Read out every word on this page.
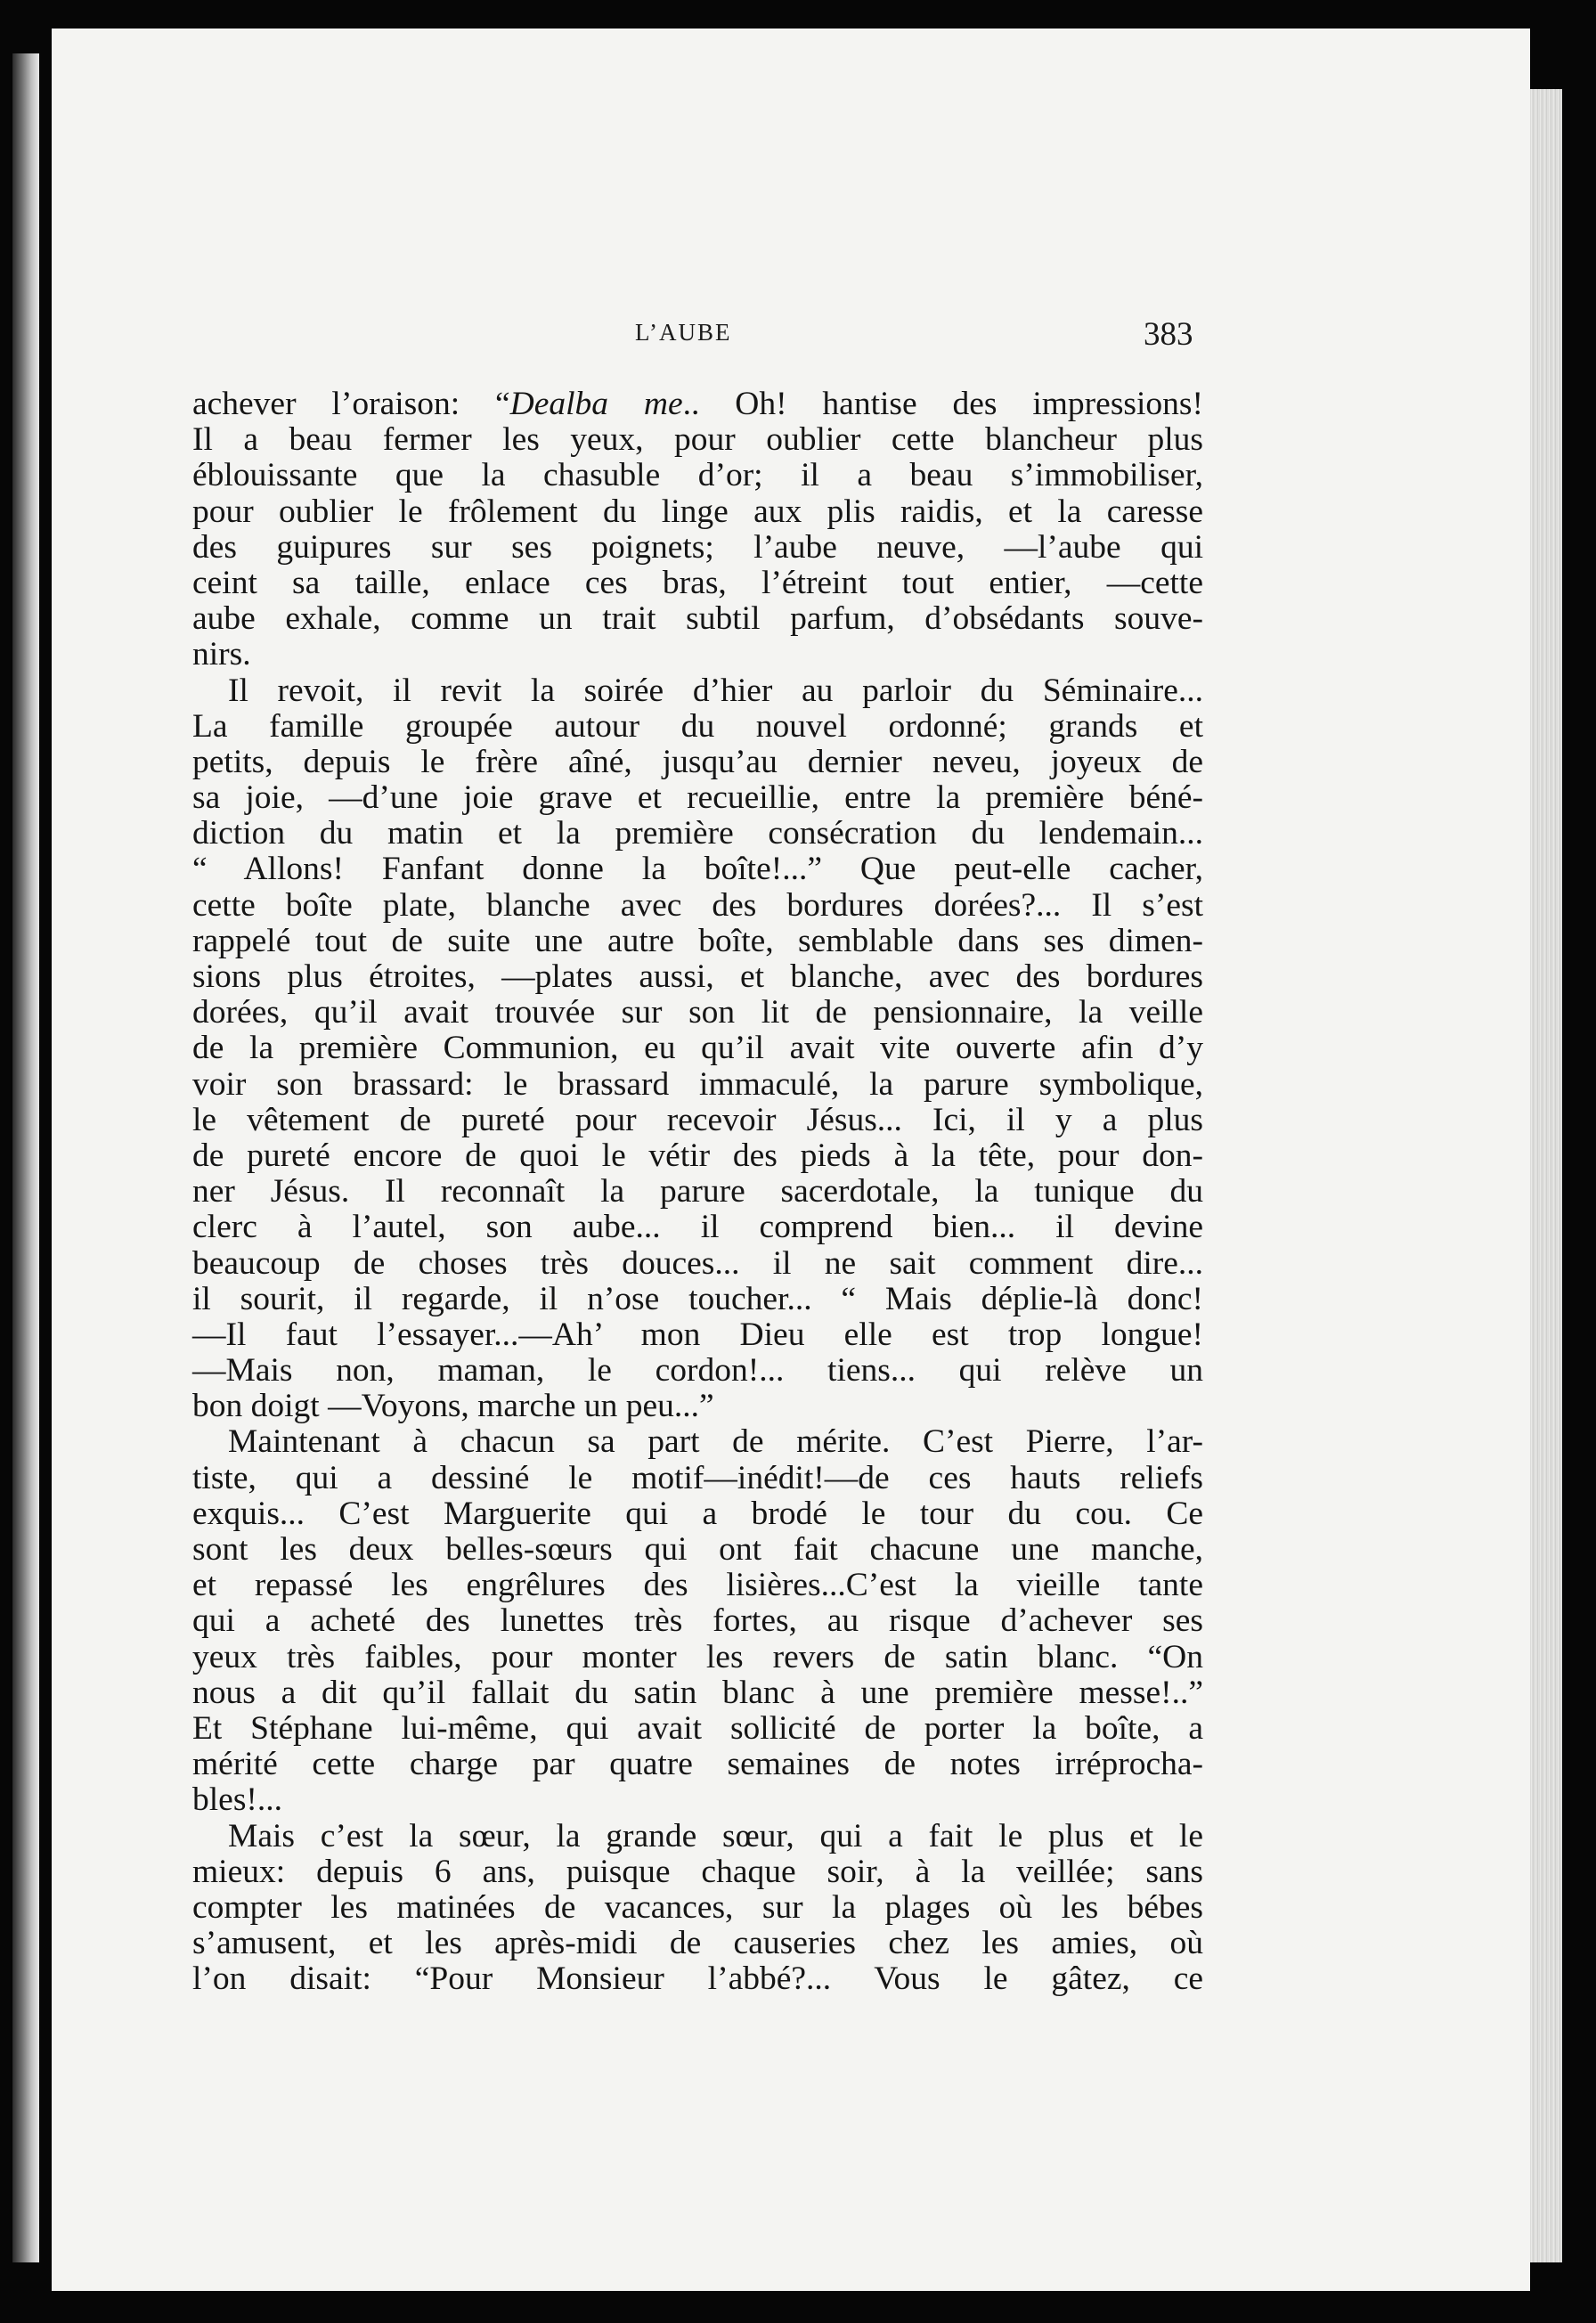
L’AUBE	383
achever l’oraison: “Dealba me.. Oh! hantise des impressions!
Il a beau fermer les yeux, pour oublier cette blancheur plus
éblouissante que la chasuble d’or; il a beau s’immobiliser,
pour oublier le frôlement du linge aux plis raidis, et la caresse
des guipures sur ses poignets; l’aube neuve, —l’aube qui
ceint sa taille, enlace ces bras, l’étreint tout entier, —cette
aube exhale, comme un trait subtil parfum, d’obsédants souve-
nirs.
Il revoit, il revit la soirée d’hier au parloir du Séminaire...
La famille groupée autour du nouvel ordonné; grands et
petits, depuis le frère aîné, jusqu’au dernier neveu, joyeux de
sa joie, —d’une joie grave et recueillie, entre la première béné-
diction du matin et la première consécration du lendemain...
“ Allons! Fanfant donne la boîte!...” Que peut-elle cacher,
cette boîte plate, blanche avec des bordures dorées?... Il s’est
rappelé tout de suite une autre boîte, semblable dans ses dimen-
sions plus étroites, —plates aussi, et blanche, avec des bordures
dorées, qu’il avait trouvée sur son lit de pensionnaire, la veille
de la première Communion, eu qu’il avait vite ouverte afin d’y
voir son brassard: le brassard immaculé, la parure symbolique,
le vêtement de pureté pour recevoir Jésus... Ici, il y a plus
de pureté encore de quoi le vétir des pieds à la tête, pour don-
ner Jésus. Il reconnaît la parure sacerdotale, la tunique du
clerc à l’autel, son aube... il comprend bien... il devine
beaucoup de choses très douces... il ne sait comment dire...
il sourit, il regarde, il n’ose toucher... “ Mais déplie-là donc!
—Il faut l’essayer...—Ah’ mon Dieu elle est trop longue!
—Mais non, maman, le cordon!... tiens... qui relève un
bon doigt —Voyons, marche un peu...”
Maintenant à chacun sa part de mérite. C’est Pierre, l’ar-
tiste, qui a dessiné le motif—inédit!—de ces hauts reliefs
exquis... C’est Marguerite qui a brodé le tour du cou. Ce
sont les deux belles-sœurs qui ont fait chacune une manche,
et repassé les engrêlures des lisières...C’est la vieille tante
qui a acheté des lunettes très fortes, au risque d’achever ses
yeux très faibles, pour monter les revers de satin blanc. “On
nous a dit qu’il fallait du satin blanc à une première messe!..”
Et Stéphane lui-même, qui avait sollicité de porter la boîte, a
mérité cette charge par quatre semaines de notes irréprocha-
bles!...
Mais c’est la sœur, la grande sœur, qui a fait le plus et le
mieux: depuis 6 ans, puisque chaque soir, à la veillée; sans
compter les matinées de vacances, sur la plages où les bébes
s’amusent, et les après-midi de causeries chez les amies, où
l’on disait: “Pour Monsieur l’abbé?... Vous le gâtez, ce
